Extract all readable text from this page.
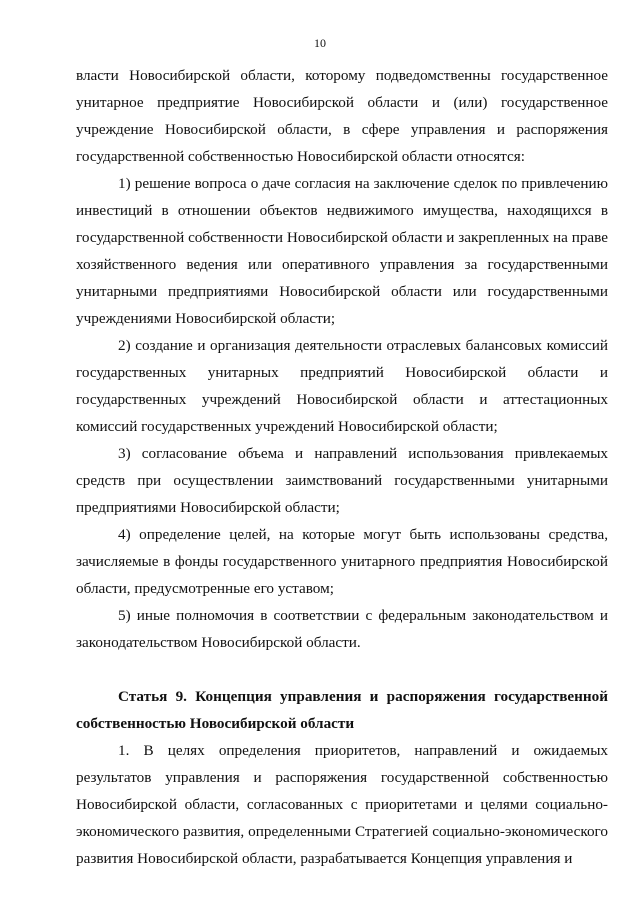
10

власти Новосибирской области, которому подведомственны государственное унитарное предприятие Новосибирской области и (или) государственное учреждение Новосибирской области, в сфере управления и распоряжения государственной собственностью Новосибирской области относятся:

1) решение вопроса о даче согласия на заключение сделок по привлечению инвестиций в отношении объектов недвижимого имущества, находящихся в государственной собственности Новосибирской области и закрепленных на праве хозяйственного ведения или оперативного управления за государственными унитарными предприятиями Новосибирской области или государственными учреждениями Новосибирской области;

2) создание и организация деятельности отраслевых балансовых комиссий государственных унитарных предприятий Новосибирской области и государственных учреждений Новосибирской области и аттестационных комиссий государственных учреждений Новосибирской области;

3) согласование объема и направлений использования привлекаемых средств при осуществлении заимствований государственными унитарными предприятиями Новосибирской области;

4) определение целей, на которые могут быть использованы средства, зачисляемые в фонды государственного унитарного предприятия Новосибирской области, предусмотренные его уставом;

5) иные полномочия в соответствии с федеральным законодательством и законодательством Новосибирской области.

Статья 9. Концепция управления и распоряжения государственной собственностью Новосибирской области

1. В целях определения приоритетов, направлений и ожидаемых результатов управления и распоряжения государственной собственностью Новосибирской области, согласованных с приоритетами и целями социально-экономического развития, определенными Стратегией социально-экономического развития Новосибирской области, разрабатывается Концепция управления и
